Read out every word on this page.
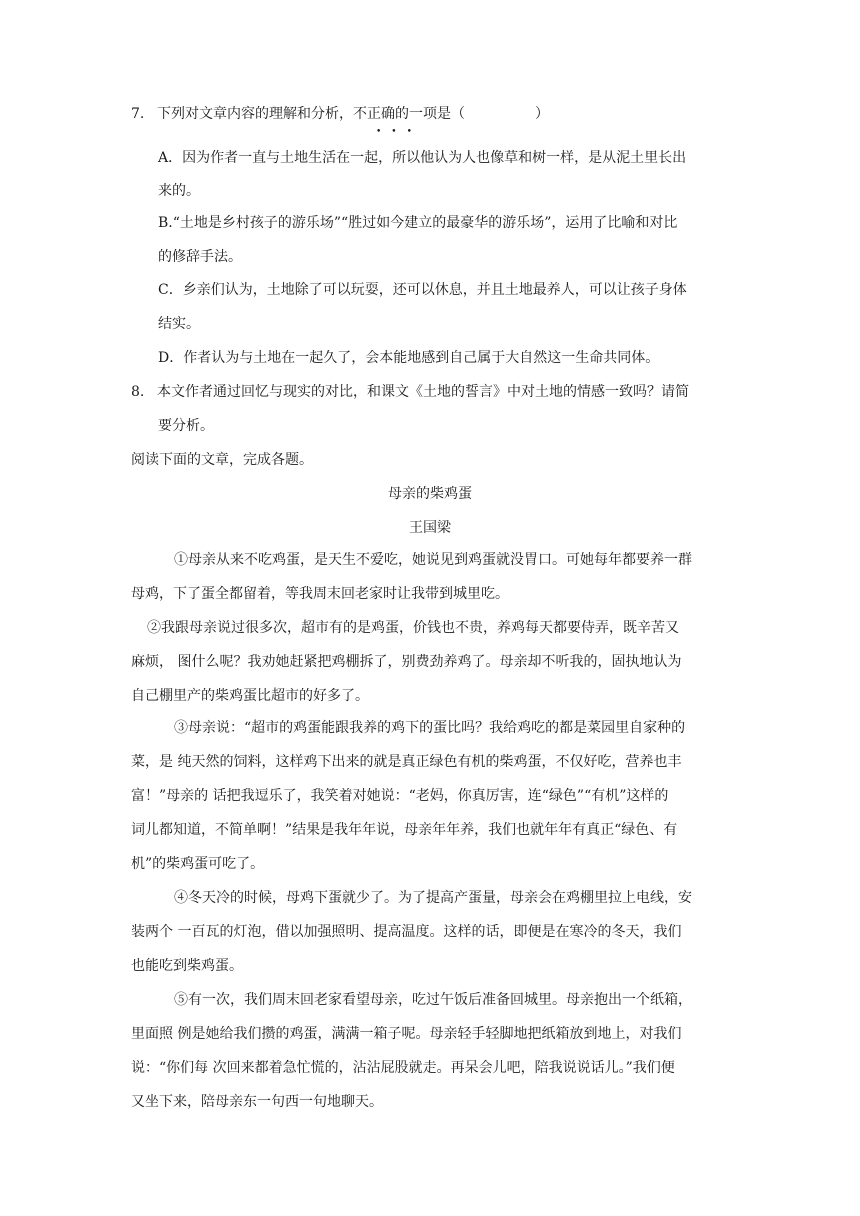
7. 下列对文章内容的理解和分析，不正确的一项是（	）
•••
A．因为作者一直与土地生活在一起，所以他认为人也像草和树一样，是从泥土里长出
来的。
B.“土地是乡村孩子的游乐场”“胜过如今建立的最豪华的游乐场”，运用了比喻和对比
的修辞手法。
C．乡亲们认为，土地除了可以玩耍，还可以休息，并且土地最养人，可以让孩子身体
结实。
D．作者认为与土地在一起久了，会本能地感到自己属于大自然这一生命共同体。
8. 本文作者通过回忆与现实的对比，和课文《土地的誓言》中对土地的情感一致吗？请简
要分析。
阅读下面的文章，完成各题。
母亲的柴鸡蛋
王国梁
①母亲从来不吃鸡蛋，是天生不爱吃，她说见到鸡蛋就没胃口。可她每年都要养一群
母鸡，下了蛋全都留着，等我周末回老家时让我带到城里吃。
②我跟母亲说过很多次，超市有的是鸡蛋，价钱也不贵，养鸡每天都要侍弄，既辛苦又
麻烦， 图什么呢？我劝她赶紧把鸡棚拆了，别费劲养鸡了。母亲却不听我的，固执地认为
自己棚里产的柴鸡蛋比超市的好多了。
③母亲说：“超市的鸡蛋能跟我养的鸡下的蛋比吗？我给鸡吃的都是菜园里自家种的
菜，是 纯天然的饲料，这样鸡下出来的就是真正绿色有机的柴鸡蛋，不仅好吃，营养也丰
富！”母亲的 话把我逗乐了，我笑着对她说：“老妈，你真厉害，连“绿色”“有机”这样的
词儿都知道，不简单啊！”结果是我年年说，母亲年年养，我们也就年年有真正“绿色、有
机”的柴鸡蛋可吃了。
④冬天冷的时候，母鸡下蛋就少了。为了提高产蛋量，母亲会在鸡棚里拉上电线，安
装两个 一百瓦的灯泡，借以加强照明、提高温度。这样的话，即便是在寒冷的冬天，我们
也能吃到柴鸡蛋。
⑤有一次，我们周末回老家看望母亲，吃过午饭后准备回城里。母亲抱出一个纸箱，
里面照 例是她给我们攒的鸡蛋，满满一箱子呢。母亲轻手轻脚地把纸箱放到地上，对我们
说：“你们每 次回来都着急忙慌的，沾沾屁股就走。再呆会儿吧，陪我说说话儿。”我们便
又坐下来，陪母亲东一句西一句地聊天。
